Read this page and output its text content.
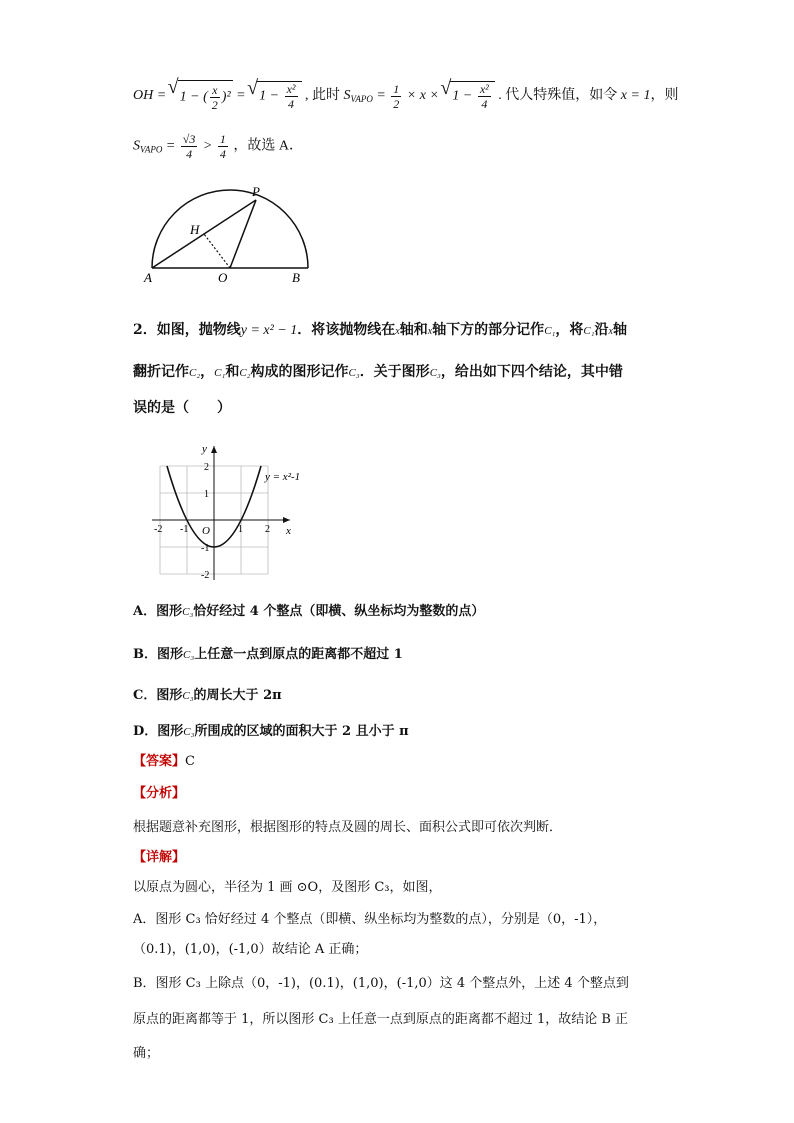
OH = √ 1 − ( $\frac{x}{2} )^2$ = √ $1 - \frac{\text{x²}}{4}$ , 此时 $S_{VAPO} = \frac{1}{2} \times x$ × √ $1 - \frac{\text{x²}}{4}$ . 代人特殊值，如令 x = 1，则
$S_{VAPO} = \frac{√3}{4} > \frac{1}{4}$ ，故选 A．
P
H
A	O	B
2．如图，抛物线y = x² − 1．将该抛物线在x轴和x轴下方的部分记作C₁，将C₁沿x轴
翻折记作C₂，C₁和C₂构成的图形记作C₃．关于图形C₃，给出如下四个结论，其中错
误的是（　　）
y
x
O
y = x²-1
-2 -1	1 2
2
1
-1
-2
A．图形C₃恰好经过 4 个整点（即横、纵坐标均为整数的点）
B．图形C₃上任意一点到原点的距离都不超过 1
C．图形C₃的周长大于 2π
D．图形C₃所围成的区域的面积大于 2 且小于 π
【答案】C
【分析】
根据题意补充图形，根据图形的特点及圆的周长、面积公式即可依次判断．
【详解】
以原点为圆心，半径为 1 画 ⊙O，及图形 C₃，如图，
A．图形 C₃ 恰好经过 4 个整点（即横、纵坐标均为整数的点），分别是（0，-1），
（0.1)，(1,0)，(-1,0）故结论 A 正确；
B．图形 C₃ 上除点（0，-1)，(0.1)，(1,0)，(-1,0）这 4 个整点外，上述 4 个整点到
原点的距离都等于 1，所以图形 C₃ 上任意一点到原点的距离都不超过 1，故结论 B 正
确；
